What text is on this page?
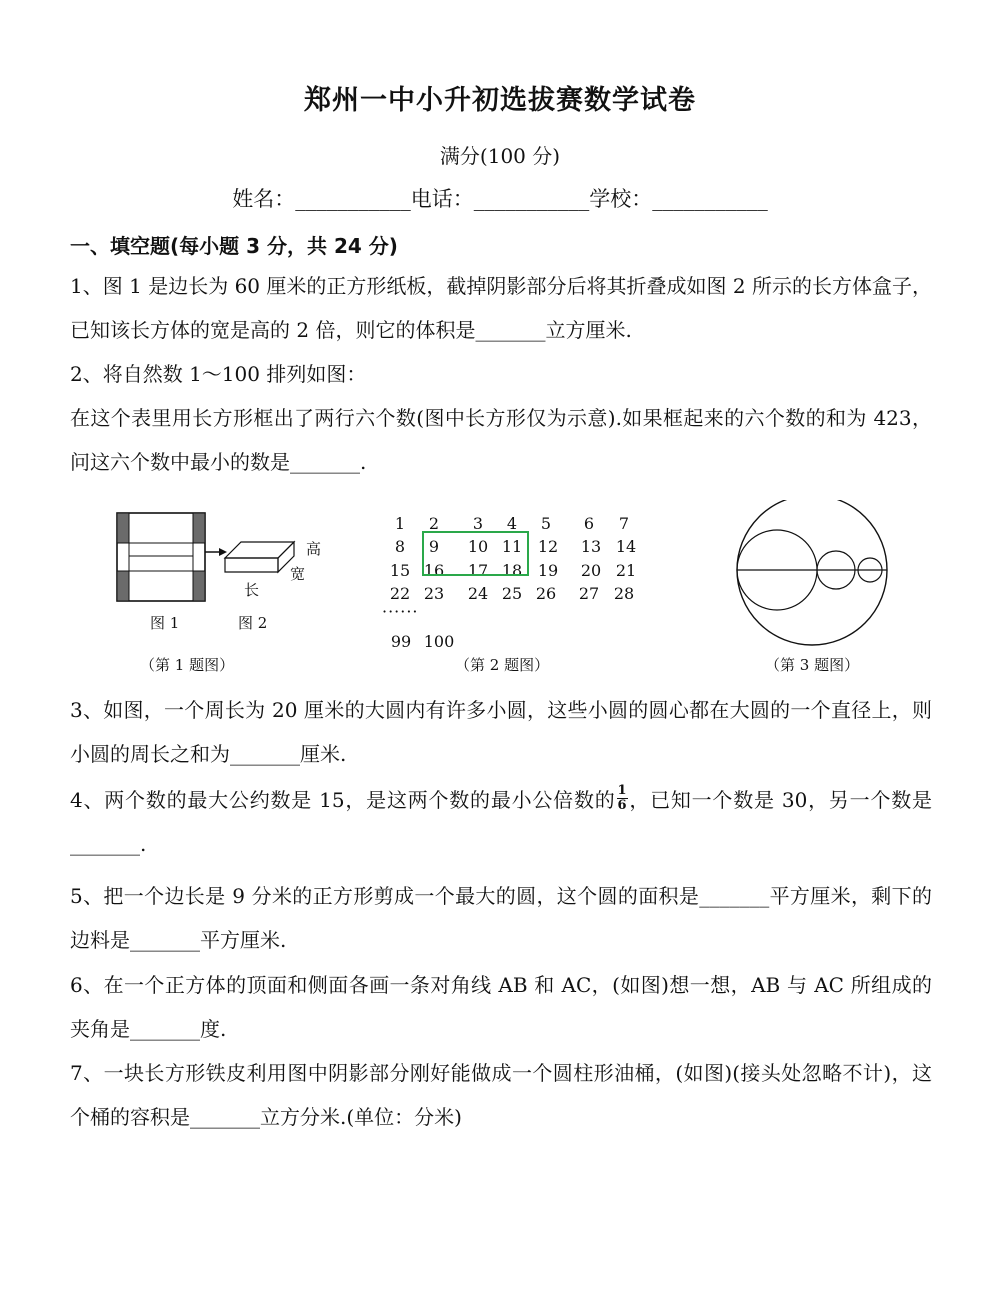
郑州一中小升初选拔赛数学试卷
满分(100 分)
姓名：___________电话：___________学校：___________
一、填空题(每小题 3 分，共 24 分)
1、图 1 是边长为 60 厘米的正方形纸板，截掉阴影部分后将其折叠成如图 2 所示的长方体盒子，已知该长方体的宽是高的 2 倍，则它的体积是_______立方厘米.
2、将自然数 1～100 排列如图：
在这个表里用长方形框出了两行六个数(图中长方形仅为示意).如果框起来的六个数的和为 423，问这六个数中最小的数是_______.
高
宽
长
图 1	图 2
（第 1 题图）
1	2	3	4	5	6	7
8	9	10 11 12	13 14
15 16	17 18 19	20 21
22 23	24 25 26	27 28
······
99 100
（第 2 题图）	（第 3 题图）
3、如图，一个周长为 20 厘米的大圆内有许多小圆，这些小圆的圆心都在大圆的一个直径上，则小圆的周长之和为_______厘米.
4、两个数的最大公约数是 15，是这两个数的最小公倍数的 $\frac{1}{6}$ ，已知一个数是 30，另一个数是_______.
5、把一个边长是 9 分米的正方形剪成一个最大的圆，这个圆的面积是_______平方厘米，剩下的边料是_______平方厘米.
6、在一个正方体的顶面和侧面各画一条对角线 AB 和 AC，(如图)想一想，AB 与 AC 所组成的夹角是_______度.
7、一块长方形铁皮利用图中阴影部分刚好能做成一个圆柱形油桶，(如图)(接头处忽略不计)，这个桶的容积是_______立方分米.(单位：分米)
